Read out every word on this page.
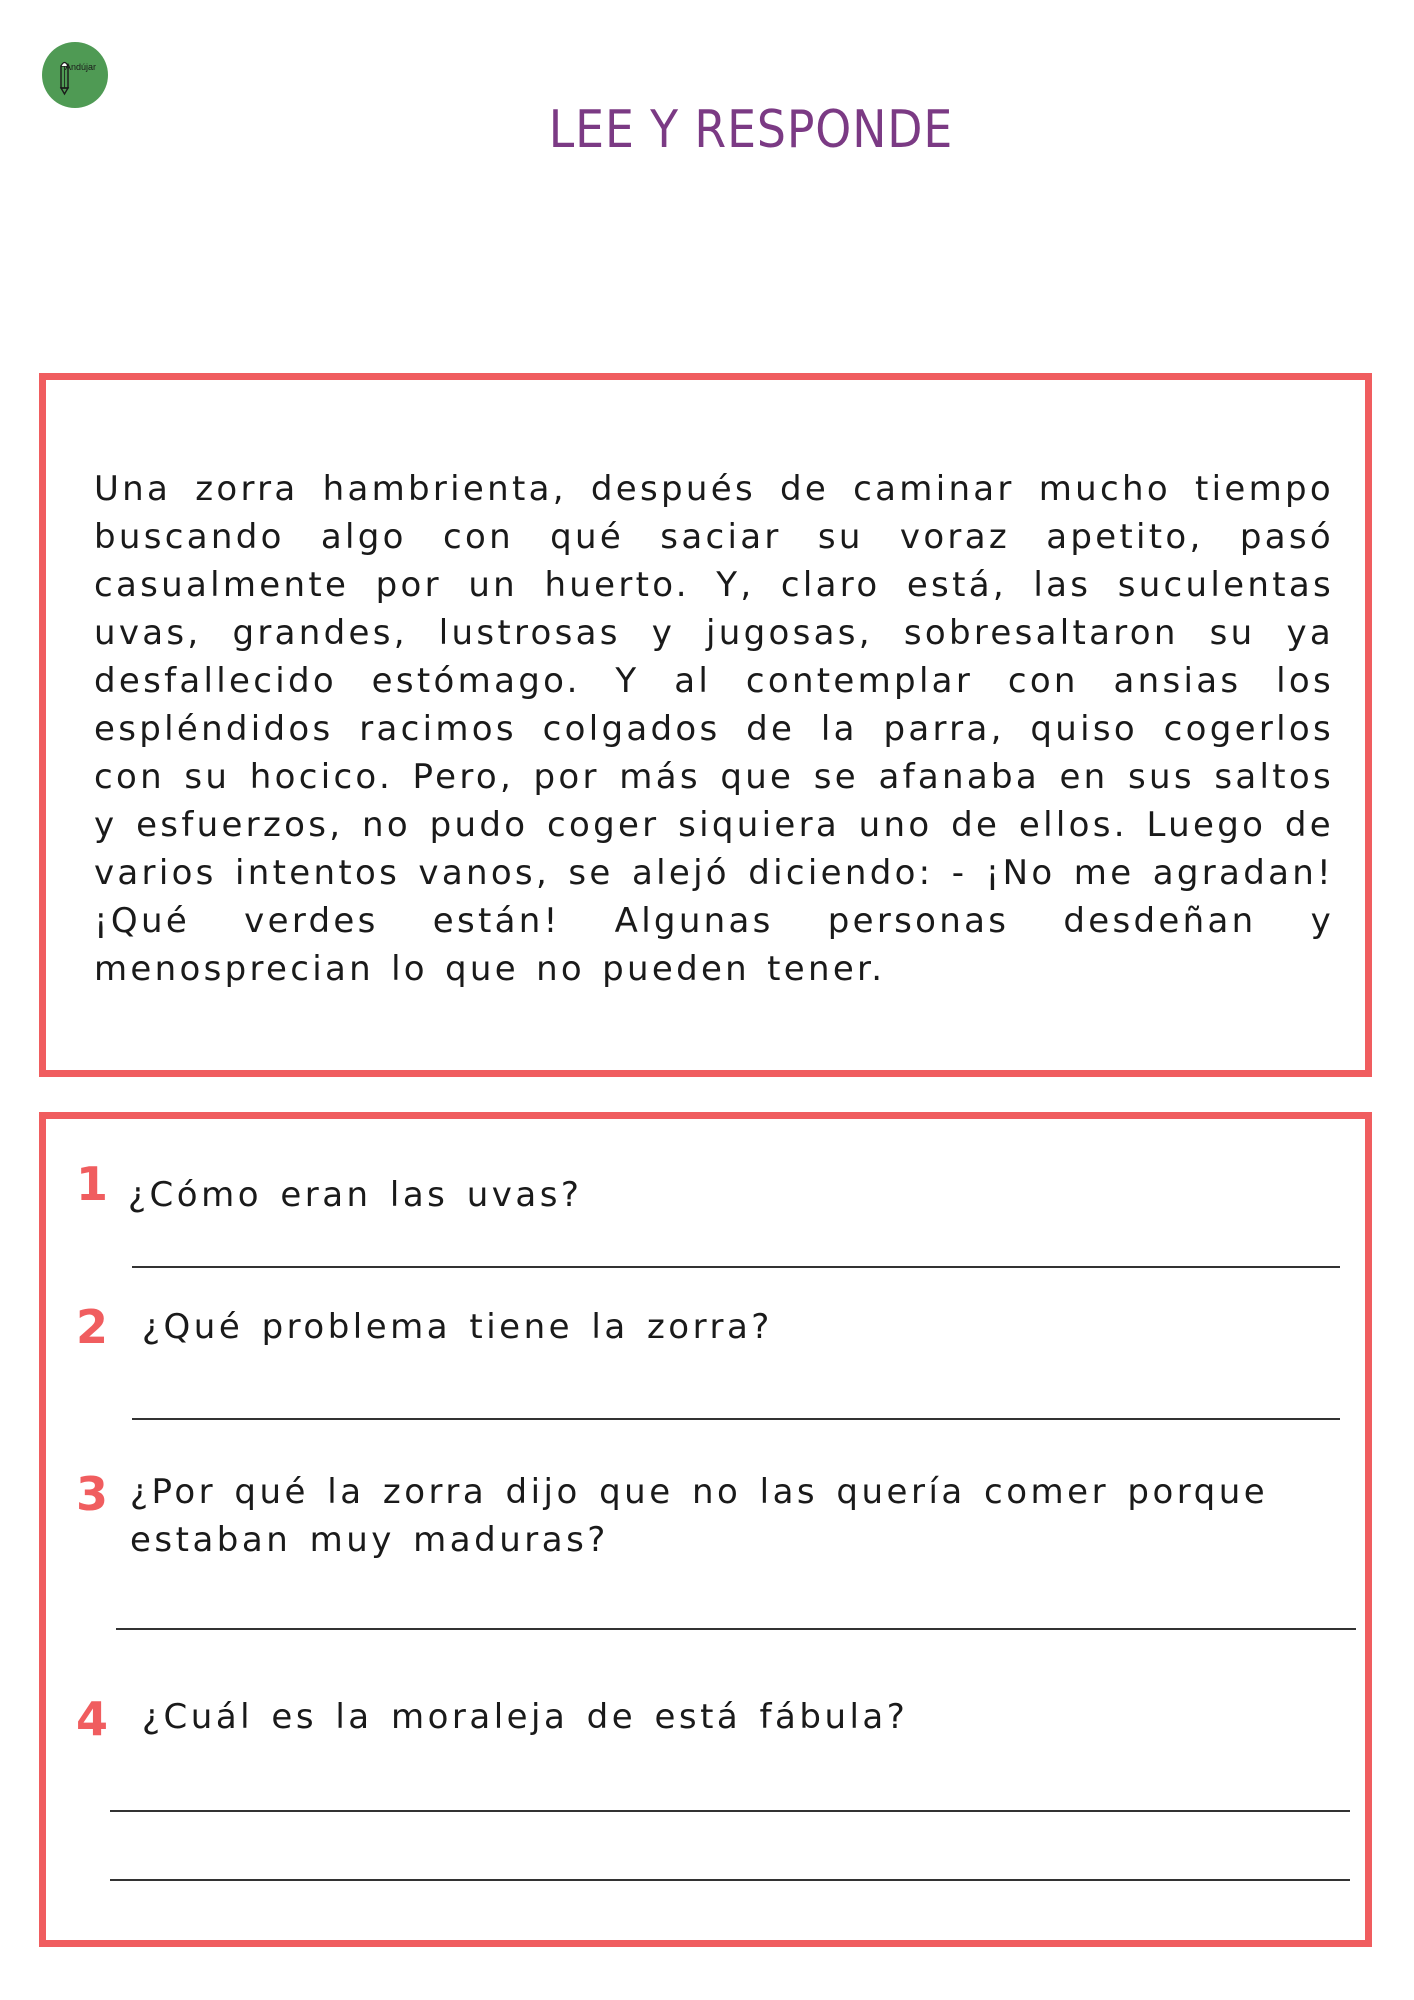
Andújar
LEE Y RESPONDE

Una zorra hambrienta, después de caminar mucho tiempo buscando algo con qué saciar su voraz apetito, pasó casualmente por un huerto. Y, claro está, las suculentas uvas, grandes, lustrosas y jugosas, sobresaltaron su ya desfallecido estómago. Y al contemplar con ansias los espléndidos racimos colgados de la parra, quiso cogerlos con su hocico. Pero, por más que se afanaba en sus saltos y esfuerzos, no pudo coger siquiera uno de ellos. Luego de varios intentos vanos, se alejó diciendo: - ¡No me agradan! ¡Qué verdes están! Algunas personas desdeñan y menosprecian lo que no pueden tener.

1 ¿Cómo eran las uvas?

2 ¿Qué problema tiene la zorra?

3 ¿Por qué la zorra dijo que no las quería comer porque estaban muy maduras?

4 ¿Cuál es la moraleja de está fábula?
